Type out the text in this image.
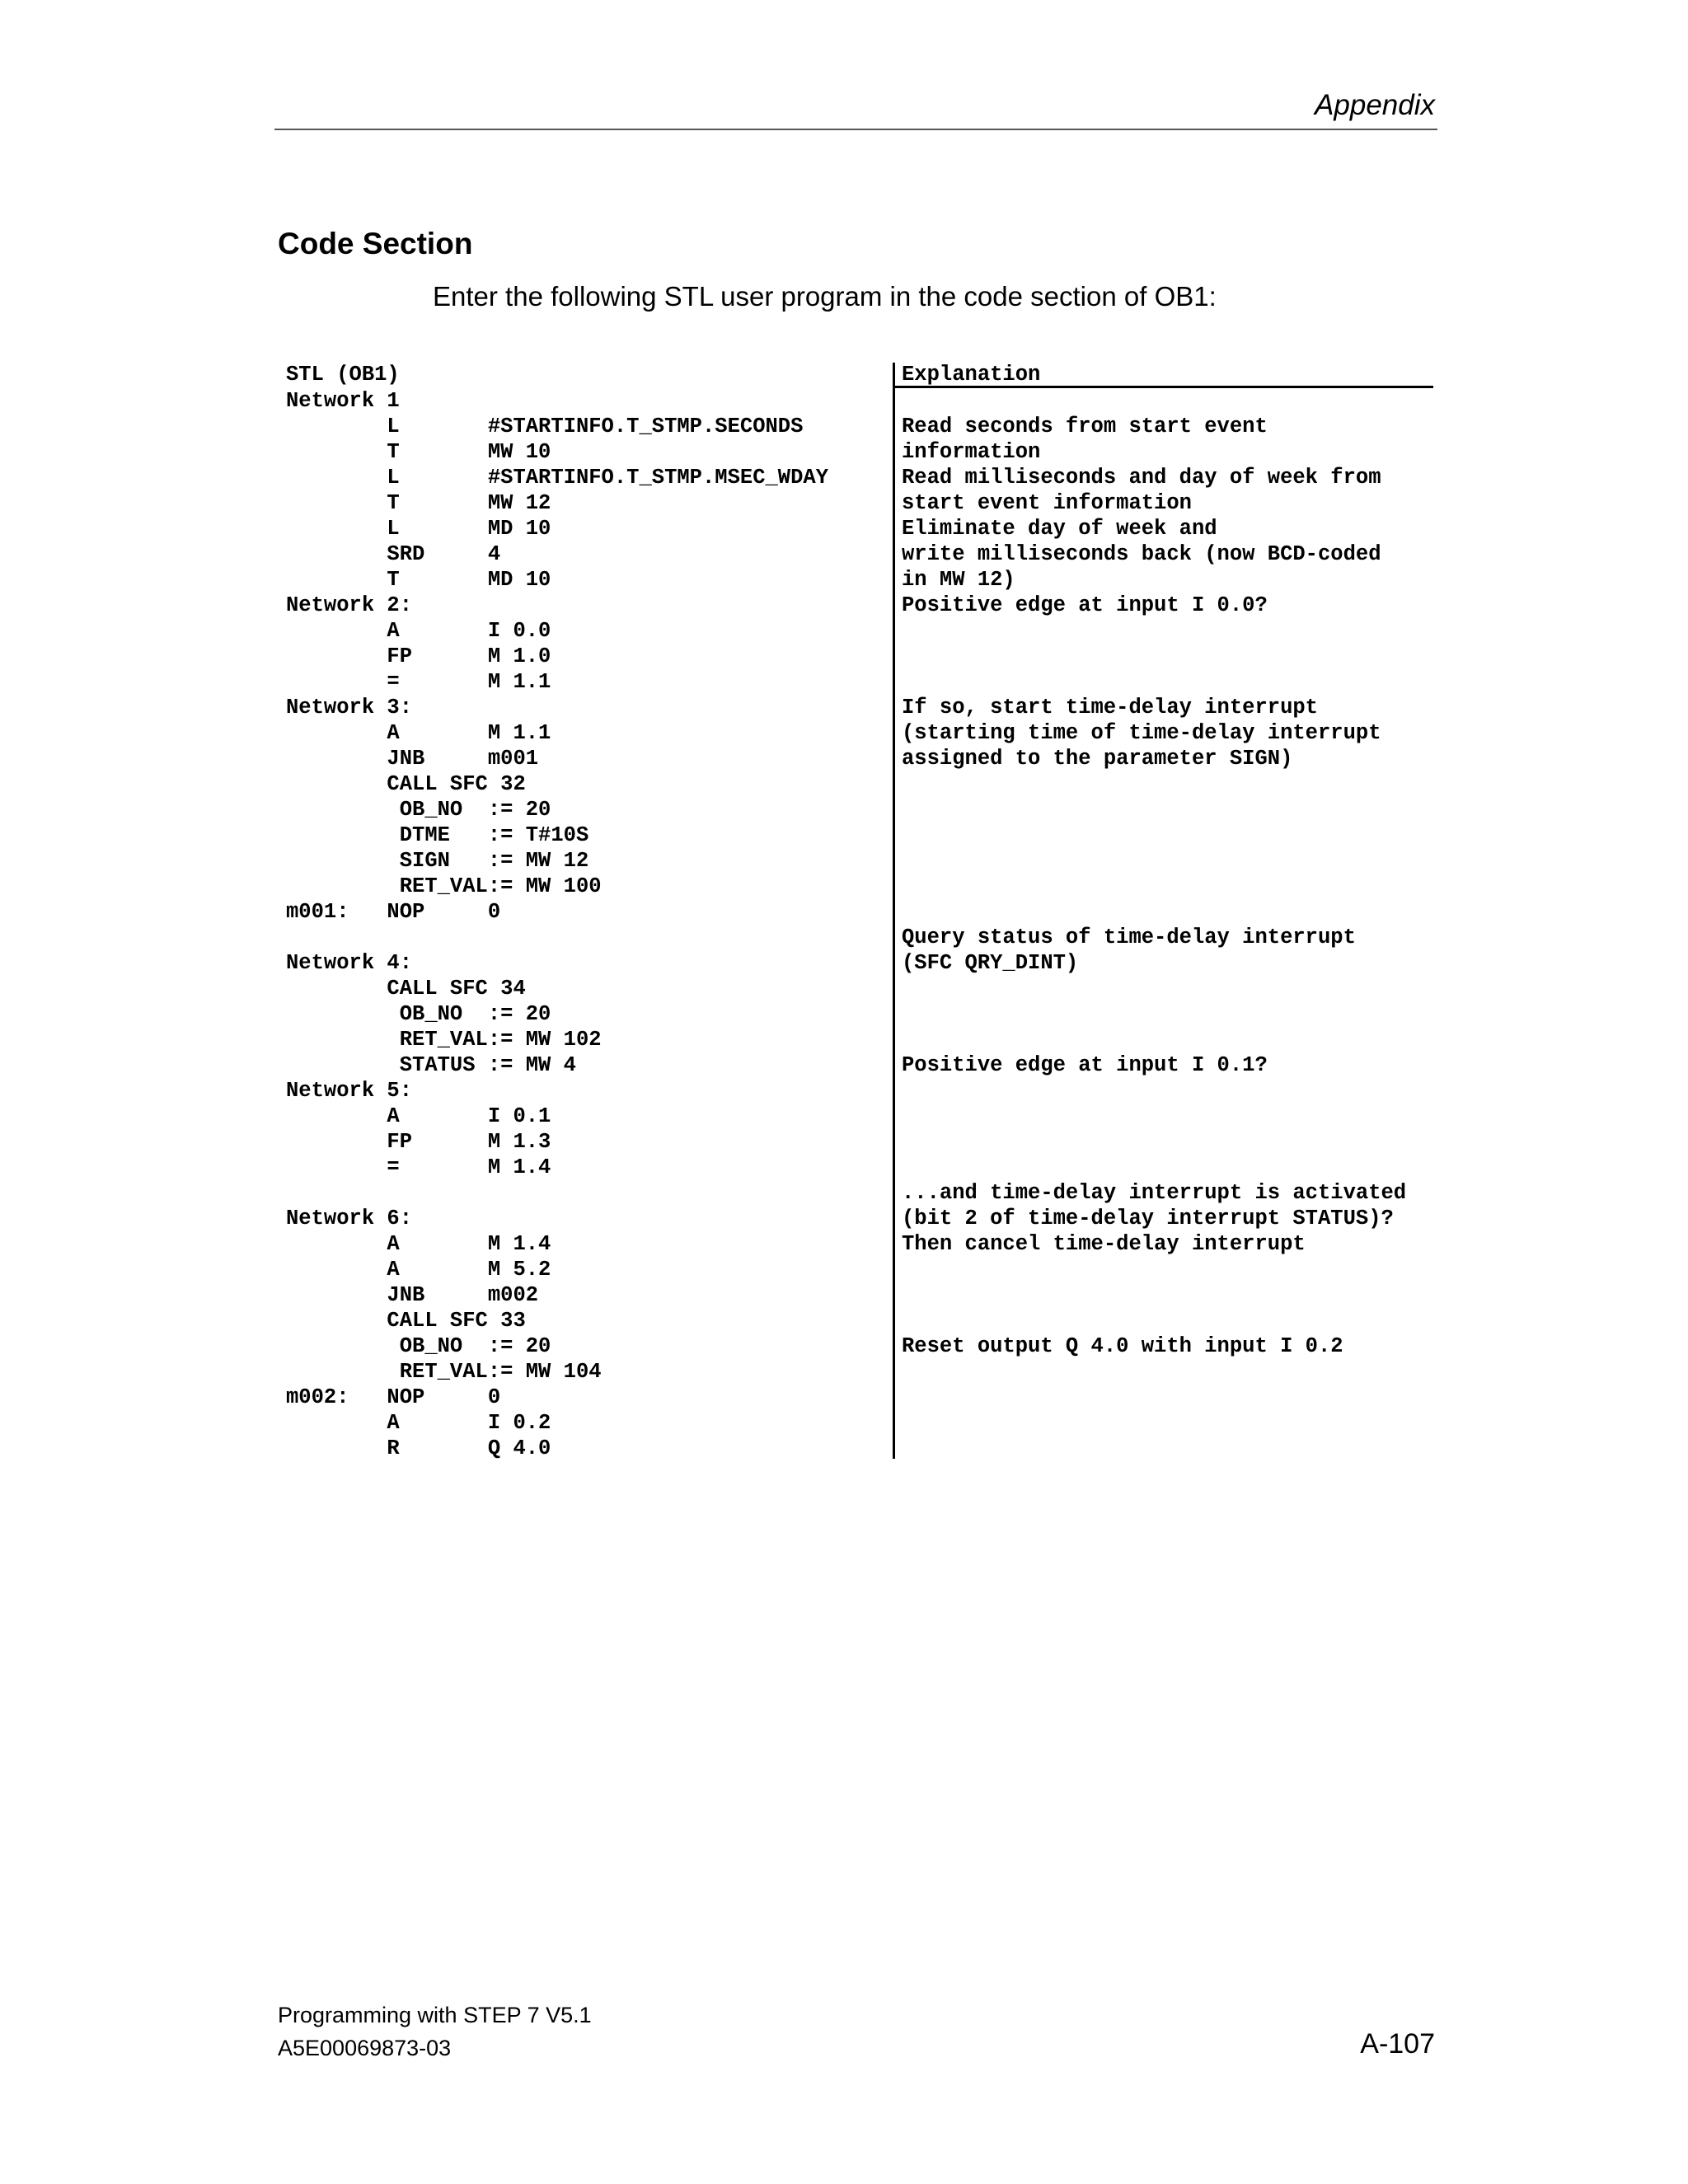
Appendix
Code Section
Enter the following STL user program in the code section of OB1:
STL (OB1)	Explanation
Network 1
L       #STARTINFO.T_STMP.SECONDS
T       MW 10
L       #STARTINFO.T_STMP.MSEC_WDAY
T       MW 12
L       MD 10
SRD     4
T       MD 10
Network 2:
A       I 0.0
FP      M 1.0
=       M 1.1
Network 3:
A       M 1.1
JNB     m001
CALL SFC 32
OB_NO  := 20
DTME   := T#10S
SIGN   := MW 12
RET_VAL:= MW 100
m001:   NOP     0
Network 4:
CALL SFC 34
OB_NO  := 20
RET_VAL:= MW 102
STATUS := MW 4
Network 5:
A       I 0.1
FP      M 1.3
=       M 1.4
Network 6:
A       M 1.4
A       M 5.2
JNB     m002
CALL SFC 33
OB_NO  := 20
RET_VAL:= MW 104
m002:   NOP     0
A       I 0.2
R       Q 4.0
Read seconds from start event
information
Read milliseconds and day of week from
start event information
Eliminate day of week and
write milliseconds back (now BCD-coded
in MW 12)
Positive edge at input I 0.0?
If so, start time-delay interrupt
(starting time of time-delay interrupt
assigned to the parameter SIGN)
Query status of time-delay interrupt
(SFC QRY_DINT)
Positive edge at input I 0.1?
...and time-delay interrupt is activated
(bit 2 of time-delay interrupt STATUS)?
Then cancel time-delay interrupt
Reset output Q 4.0 with input I 0.2
Programming with STEP 7 V5.1
A5E00069873-03	A-107
